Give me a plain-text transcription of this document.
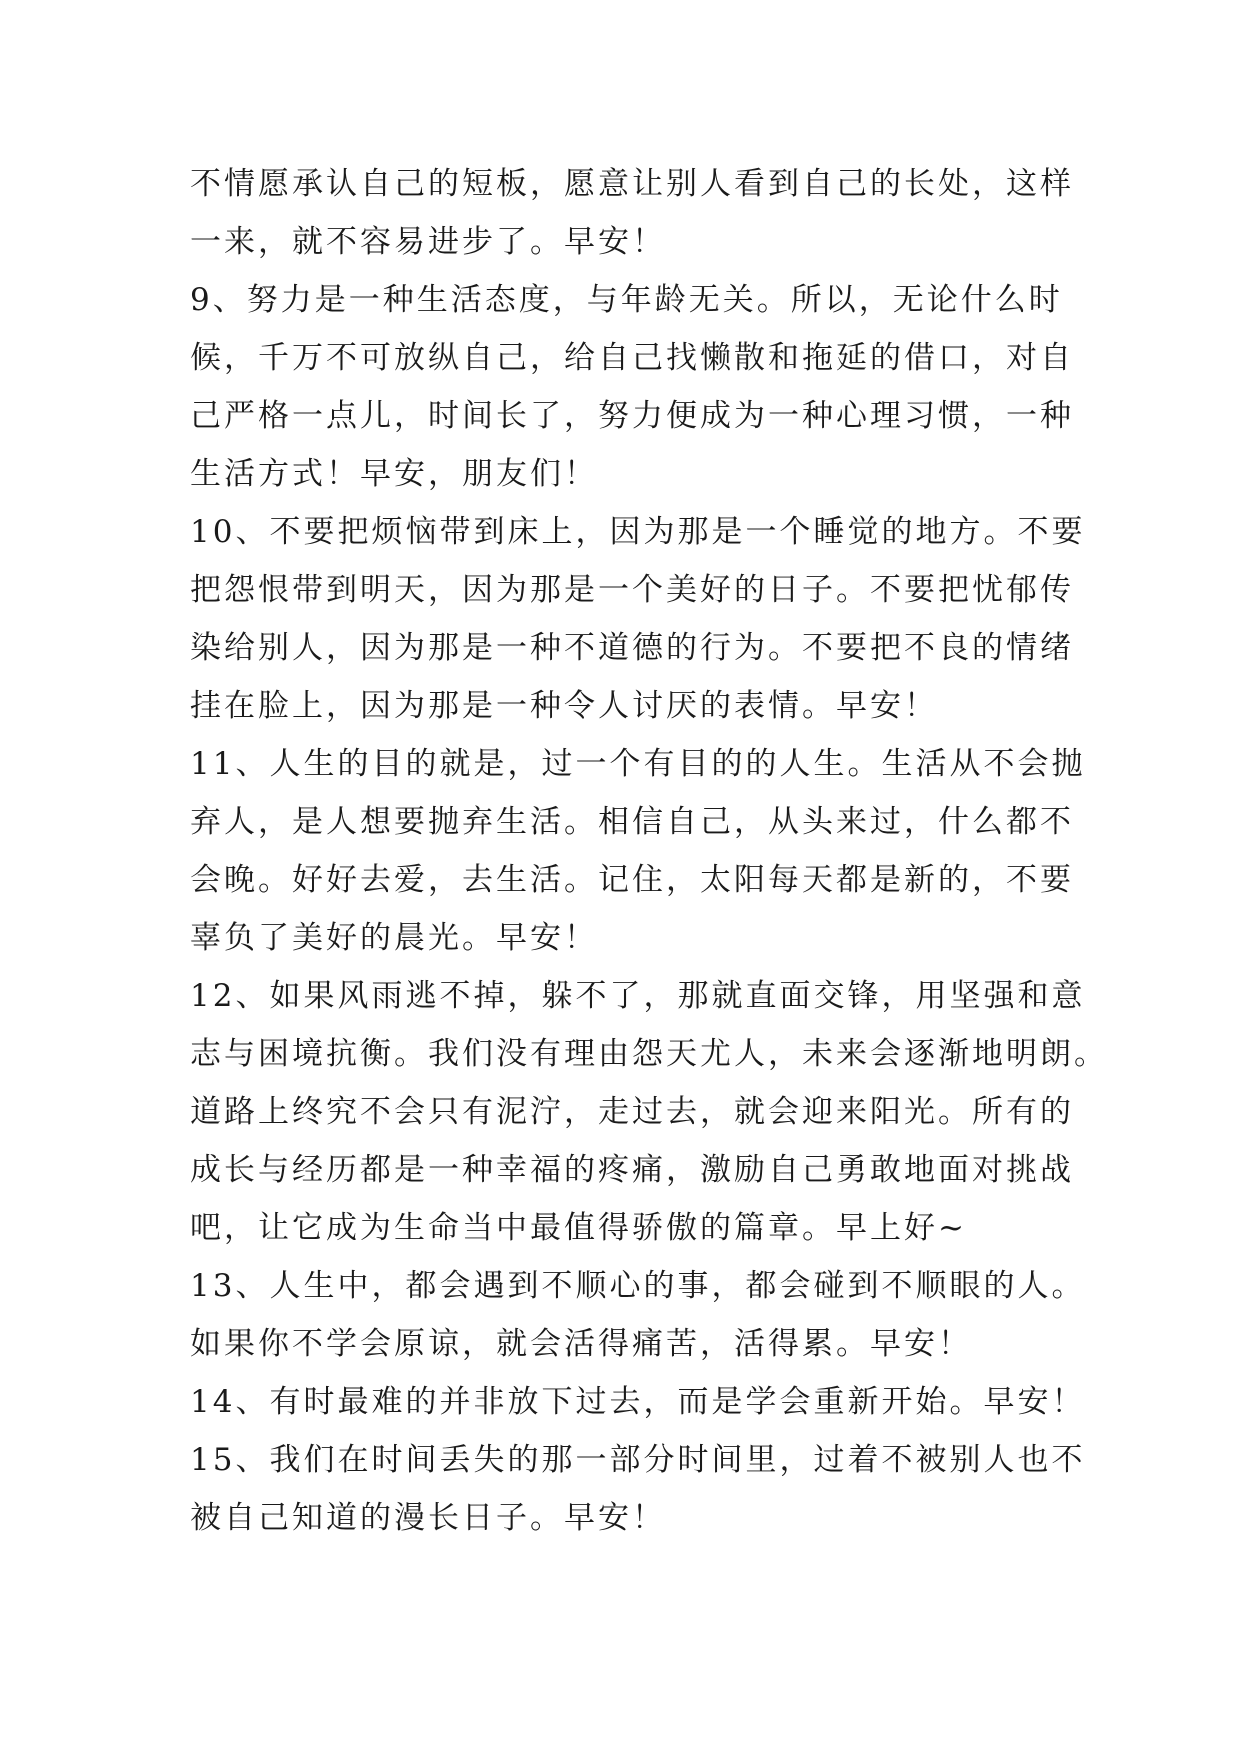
不情愿承认自己的短板，愿意让别人看到自己的长处，这样
一来，就不容易进步了。早安！
9、努力是一种生活态度，与年龄无关。所以，无论什么时
候，千万不可放纵自己，给自己找懒散和拖延的借口，对自
己严格一点儿，时间长了，努力便成为一种心理习惯，一种
生活方式！早安，朋友们！
10、不要把烦恼带到床上，因为那是一个睡觉的地方。不要
把怨恨带到明天，因为那是一个美好的日子。不要把忧郁传
染给别人，因为那是一种不道德的行为。不要把不良的情绪
挂在脸上，因为那是一种令人讨厌的表情。早安！
11、人生的目的就是，过一个有目的的人生。生活从不会抛
弃人，是人想要抛弃生活。相信自己，从头来过，什么都不
会晚。好好去爱，去生活。记住，太阳每天都是新的，不要
辜负了美好的晨光。早安！
12、如果风雨逃不掉，躲不了，那就直面交锋，用坚强和意
志与困境抗衡。我们没有理由怨天尤人，未来会逐渐地明朗。
道路上终究不会只有泥泞，走过去，就会迎来阳光。所有的
成长与经历都是一种幸福的疼痛，激励自己勇敢地面对挑战
吧，让它成为生命当中最值得骄傲的篇章。早上好~
13、人生中，都会遇到不顺心的事，都会碰到不顺眼的人。
如果你不学会原谅，就会活得痛苦，活得累。早安！
14、有时最难的并非放下过去，而是学会重新开始。早安！
15、我们在时间丢失的那一部分时间里，过着不被别人也不
被自己知道的漫长日子。早安！
